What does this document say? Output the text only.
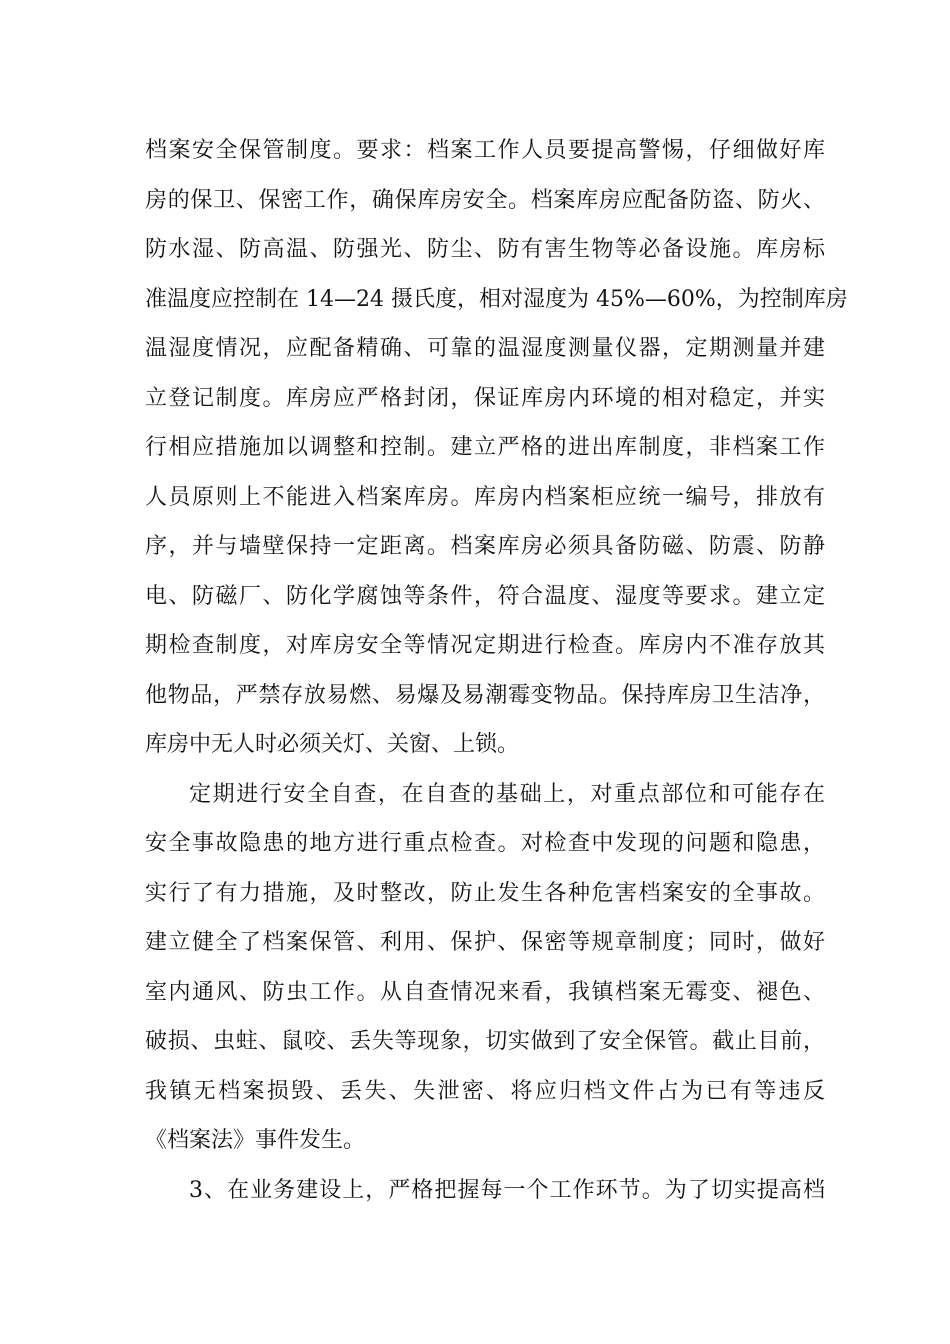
档案安全保管制度。要求：档案工作人员要提高警惕，仔细做好库
房的保卫、保密工作，确保库房安全。档案库房应配备防盗、防火、
防水湿、防高温、防强光、防尘、防有害生物等必备设施。库房标
准温度应控制在 14—24 摄氏度，相对湿度为 45%—60%，为控制库房
温湿度情况，应配备精确、可靠的温湿度测量仪器，定期测量并建
立登记制度。库房应严格封闭，保证库房内环境的相对稳定，并实
行相应措施加以调整和控制。建立严格的进出库制度，非档案工作
人员原则上不能进入档案库房。库房内档案柜应统一编号，排放有
序，并与墙壁保持一定距离。档案库房必须具备防磁、防震、防静
电、防磁厂、防化学腐蚀等条件，符合温度、湿度等要求。建立定
期检查制度，对库房安全等情况定期进行检查。库房内不准存放其
他物品，严禁存放易燃、易爆及易潮霉变物品。保持库房卫生洁净，
库房中无人时必须关灯、关窗、上锁。
定期进行安全自查，在自查的基础上，对重点部位和可能存在
安全事故隐患的地方进行重点检查。对检查中发现的问题和隐患，
实行了有力措施，及时整改，防止发生各种危害档案安的全事故。
建立健全了档案保管、利用、保护、保密等规章制度；同时，做好
室内通风、防虫工作。从自查情况来看，我镇档案无霉变、褪色、
破损、虫蛀、鼠咬、丢失等现象，切实做到了安全保管。截止目前，
我镇无档案损毁、丢失、失泄密、将应归档文件占为已有等违反
《档案法》事件发生。
3、在业务建设上，严格把握每一个工作环节。为了切实提高档
